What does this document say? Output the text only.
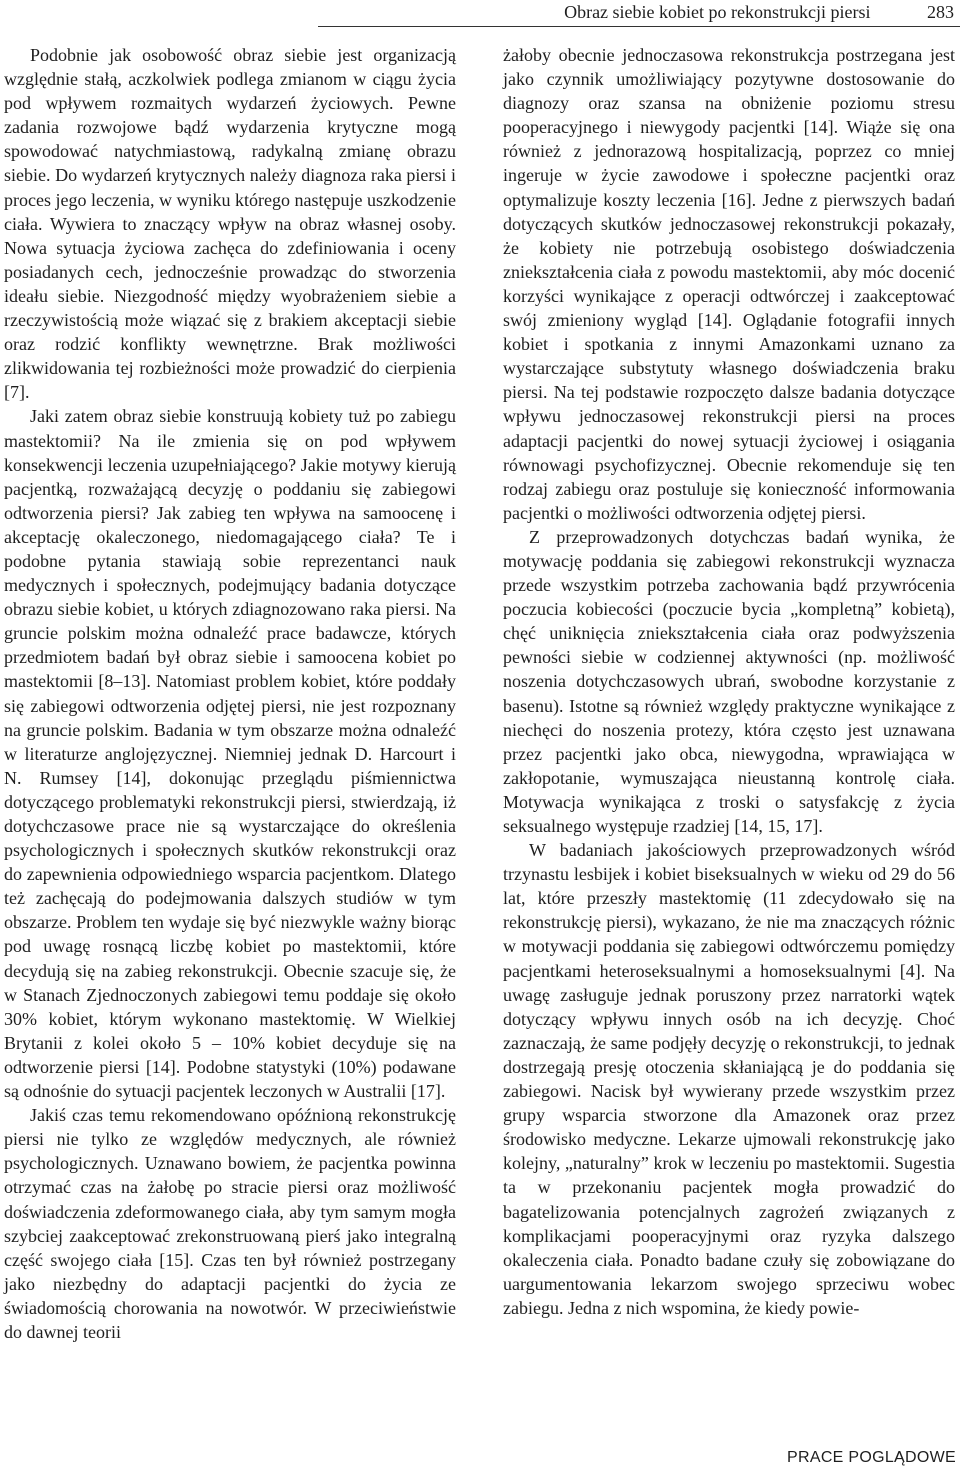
Obraz siebie kobiet po rekonstrukcji piersi	283

Podobnie jak osobowość obraz siebie jest organizacją względnie stałą, aczkolwiek podlega zmianom w ciągu życia pod wpływem rozmaitych wydarzeń życiowych. Pewne zadania rozwojowe bądź wydarzenia krytyczne mogą spowodować natychmiastową, radykalną zmianę obrazu siebie. Do wydarzeń krytycznych należy diagnoza raka piersi i proces jego leczenia, w wyniku którego następuje uszkodzenie ciała. Wywiera to znaczący wpływ na obraz własnej osoby. Nowa sytuacja życiowa zachęca do zdefiniowania i oceny posiadanych cech, jednocześnie prowadząc do stworzenia ideału siebie. Niezgodność między wyobrażeniem siebie a rzeczywistością może wiązać się z brakiem akceptacji siebie oraz rodzić konflikty wewnętrzne. Brak możliwości zlikwidowania tej rozbieżności może prowadzić do cierpienia [7].

Jaki zatem obraz siebie konstruują kobiety tuż po zabiegu mastektomii? Na ile zmienia się on pod wpływem konsekwencji leczenia uzupełniającego? Jakie motywy kierują pacjentką, rozważającą decyzję o poddaniu się zabiegowi odtworzenia piersi? Jak zabieg ten wpływa na samoocenę i akceptację okaleczonego, niedomagającego ciała? Te i podobne pytania stawiają sobie reprezentanci nauk medycznych i społecznych, podejmujący badania dotyczące obrazu siebie kobiet, u których zdiagnozowano raka piersi. Na gruncie polskim można odnaleźć prace badawcze, których przedmiotem badań był obraz siebie i samoocena kobiet po mastektomii [8–13]. Natomiast problem kobiet, które poddały się zabiegowi odtworzenia odjętej piersi, nie jest rozpoznany na gruncie polskim. Badania w tym obszarze można odnaleźć w literaturze anglojęzycznej. Niemniej jednak D. Harcourt i N. Rumsey [14], dokonując przeglądu piśmiennictwa dotyczącego problematyki rekonstrukcji piersi, stwierdzają, iż dotychczasowe prace nie są wystarczające do określenia psychologicznych i społecznych skutków rekonstrukcji oraz do zapewnienia odpowiedniego wsparcia pacjentkom. Dlatego też zachęcają do podejmowania dalszych studiów w tym obszarze. Problem ten wydaje się być niezwykle ważny biorąc pod uwagę rosnącą liczbę kobiet po mastektomii, które decydują się na zabieg rekonstrukcji. Obecnie szacuje się, że w Stanach Zjednoczonych zabiegowi temu poddaje się około 30% kobiet, którym wykonano mastektomię. W Wielkiej Brytanii z kolei około 5 – 10% kobiet decyduje się na odtworzenie piersi [14]. Podobne statystyki (10%) podawane są odnośnie do sytuacji pacjentek leczonych w Australii [17].

Jakiś czas temu rekomendowano opóźnioną rekonstrukcję piersi nie tylko ze względów medycznych, ale również psychologicznych. Uznawano bowiem, że pacjentka powinna otrzymać czas na żałobę po stracie piersi oraz możliwość doświadczenia zdeformowanego ciała, aby tym samym mogła szybciej zaakceptować zrekonstruowaną pierś jako integralną część swojego ciała [15]. Czas ten był również postrzegany jako niezbędny do adaptacji pacjentki do życia ze świadomością chorowania na nowotwór. W przeciwieństwie do dawnej teorii

żałoby obecnie jednoczasowa rekonstrukcja postrzegana jest jako czynnik umożliwiający pozytywne dostosowanie do diagnozy oraz szansa na obniżenie poziomu stresu pooperacyjnego i niewygody pacjentki [14]. Wiąże się ona również z jednorazową hospitalizacją, poprzez co mniej ingeruje w życie zawodowe i społeczne pacjentki oraz optymalizuje koszty leczenia [16]. Jedne z pierwszych badań dotyczących skutków jednoczasowej rekonstrukcji pokazały, że kobiety nie potrzebują osobistego doświadczenia zniekształcenia ciała z powodu mastektomii, aby móc docenić korzyści wynikające z operacji odtwórczej i zaakceptować swój zmieniony wygląd [14]. Oglądanie fotografii innych kobiet i spotkania z innymi Amazonkami uznano za wystarczające substytuty własnego doświadczenia braku piersi. Na tej podstawie rozpoczęto dalsze badania dotyczące wpływu jednoczasowej rekonstrukcji piersi na proces adaptacji pacjentki do nowej sytuacji życiowej i osiągania równowagi psychofizycznej. Obecnie rekomenduje się ten rodzaj zabiegu oraz postuluje się konieczność informowania pacjentki o możliwości odtworzenia odjętej piersi.

Z przeprowadzonych dotychczas badań wynika, że motywację poddania się zabiegowi rekonstrukcji wyznacza przede wszystkim potrzeba zachowania bądź przywrócenia poczucia kobiecości (poczucie bycia „kompletną” kobietą), chęć uniknięcia zniekształcenia ciała oraz podwyższenia pewności siebie w codziennej aktywności (np. możliwość noszenia dotychczasowych ubrań, swobodne korzystanie z basenu). Istotne są również względy praktyczne wynikające z niechęci do noszenia protezy, która często jest uznawana przez pacjentki jako obca, niewygodna, wprawiająca w zakłopotanie, wymuszająca nieustanną kontrolę ciała. Motywacja wynikająca z troski o satysfakcję z życia seksualnego występuje rzadziej [14, 15, 17].

W badaniach jakościowych przeprowadzonych wśród trzynastu lesbijek i kobiet biseksualnych w wieku od 29 do 56 lat, które przeszły mastektomię (11 zdecydowało się na rekonstrukcję piersi), wykazano, że nie ma znaczących różnic w motywacji poddania się zabiegowi odtwórczemu pomiędzy pacjentkami heteroseksualnymi a homoseksualnymi [4]. Na uwagę zasługuje jednak poruszony przez narratorki wątek dotyczący wpływu innych osób na ich decyzję. Choć zaznaczają, że same podjęły decyzję o rekonstrukcji, to jednak dostrzegają presję otoczenia skłaniającą je do poddania się zabiegowi. Nacisk był wywierany przede wszystkim przez grupy wsparcia stworzone dla Amazonek oraz przez środowisko medyczne. Lekarze ujmowali rekonstrukcję jako kolejny, „naturalny” krok w leczeniu po mastektomii. Sugestia ta w przekonaniu pacjentek mogła prowadzić do bagatelizowania potencjalnych zagrożeń związanych z komplikacjami pooperacyjnymi oraz ryzyka dalszego okaleczenia ciała. Ponadto badane czuły się zobowiązane do uargumentowania lekarzom swojego sprzeciwu wobec zabiegu. Jedna z nich wspomina, że kiedy powie-

PRACE POGLĄDOWE
